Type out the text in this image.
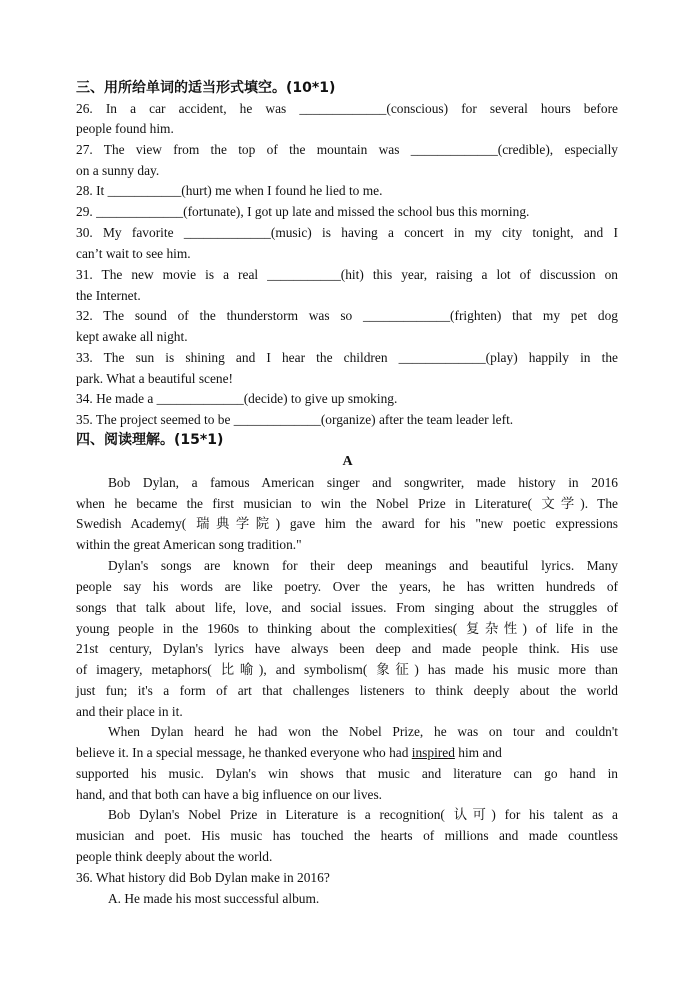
三、用所给单词的适当形式填空。(10*1)
26. In a car accident, he was _____________(conscious) for several hours before
people found him.
27. The view from the top of the mountain was _____________(credible), especially
on a sunny day.
28. It ___________(hurt) me when I found he lied to me.
29. _____________(fortunate), I got up late and missed the school bus this morning.
30. My favorite _____________(music) is having a concert in my city tonight, and I
can’t wait to see him.
31. The new movie is a real ___________(hit) this year, raising a lot of discussion on
the Internet.
32. The sound of the thunderstorm was so _____________(frighten) that my pet dog
kept awake all night.
33. The sun is shining and I hear the children _____________(play) happily in the
park. What a beautiful scene!
34. He made a _____________(decide) to give up smoking.
35. The project seemed to be _____________(organize) after the team leader left.
四、阅读理解。(15*1)
A
Bob Dylan, a famous American singer and songwriter, made history in 2016
when he became the first musician to win the Nobel Prize in Literature( 文学). The
Swedish Academy( 瑞典学院) gave him the award for his "new poetic expressions
within the great American song tradition."
Dylan's songs are known for their deep meanings and beautiful lyrics. Many
people say his words are like poetry. Over the years, he has written hundreds of
songs that talk about life, love, and social issues. From singing about the struggles of
young people in the 1960s to thinking about the complexities( 复杂性) of life in the
21st century, Dylan's lyrics have always been deep and made people think. His use
of imagery, metaphors( 比喻), and symbolism( 象征) has made his music more than
just fun; it's a form of art that challenges listeners to think deeply about the world
and their place in it.
When Dylan heard he had won the Nobel Prize, he was on tour and couldn't
believe it. In a special message, he thanked everyone who had inspired him and
supported his music. Dylan's win shows that music and literature can go hand in
hand, and that both can have a big influence on our lives.
Bob Dylan's Nobel Prize in Literature is a recognition( 认可) for his talent as a
musician and poet. His music has touched the hearts of millions and made countless
people think deeply about the world.
36. What history did Bob Dylan make in 2016?
A. He made his most successful album.
